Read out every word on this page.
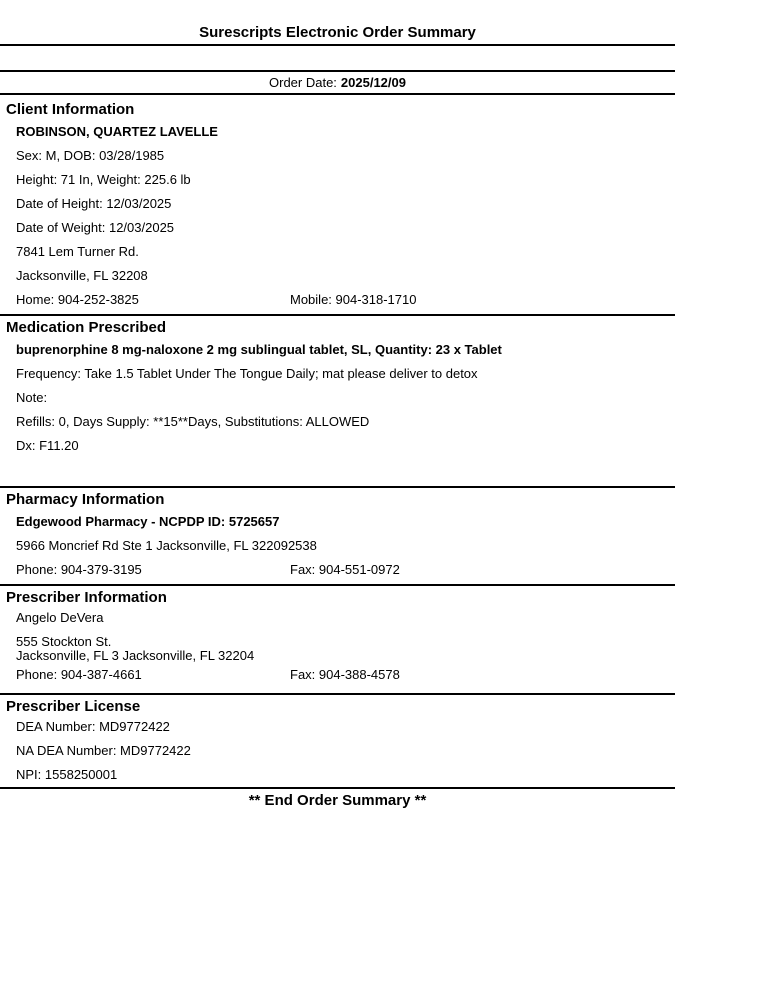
Surescripts Electronic Order Summary
Order Date: 2025/12/09
Client Information
ROBINSON, QUARTEZ LAVELLE
Sex: M, DOB: 03/28/1985
Height: 71 In, Weight: 225.6 lb
Date of Height: 12/03/2025
Date of Weight: 12/03/2025
7841 Lem Turner Rd.
Jacksonville, FL 32208
Home: 904-252-3825	Mobile: 904-318-1710
Medication Prescribed
buprenorphine 8 mg-naloxone 2 mg sublingual tablet, SL, Quantity: 23 x Tablet
Frequency: Take 1.5 Tablet Under The Tongue Daily; mat please deliver to detox
Note:
Refills: 0, Days Supply: **15**Days, Substitutions: ALLOWED
Dx: F11.20
Pharmacy Information
Edgewood Pharmacy - NCPDP ID: 5725657
5966 Moncrief Rd Ste 1 Jacksonville, FL 322092538
Phone: 904-379-3195	Fax: 904-551-0972
Prescriber Information
Angelo DeVera
555 Stockton St.
Jacksonville, FL 3 Jacksonville, FL 32204
Phone: 904-387-4661	Fax: 904-388-4578
Prescriber License
DEA Number: MD9772422
NA DEA Number: MD9772422
NPI: 1558250001
** End Order Summary **
